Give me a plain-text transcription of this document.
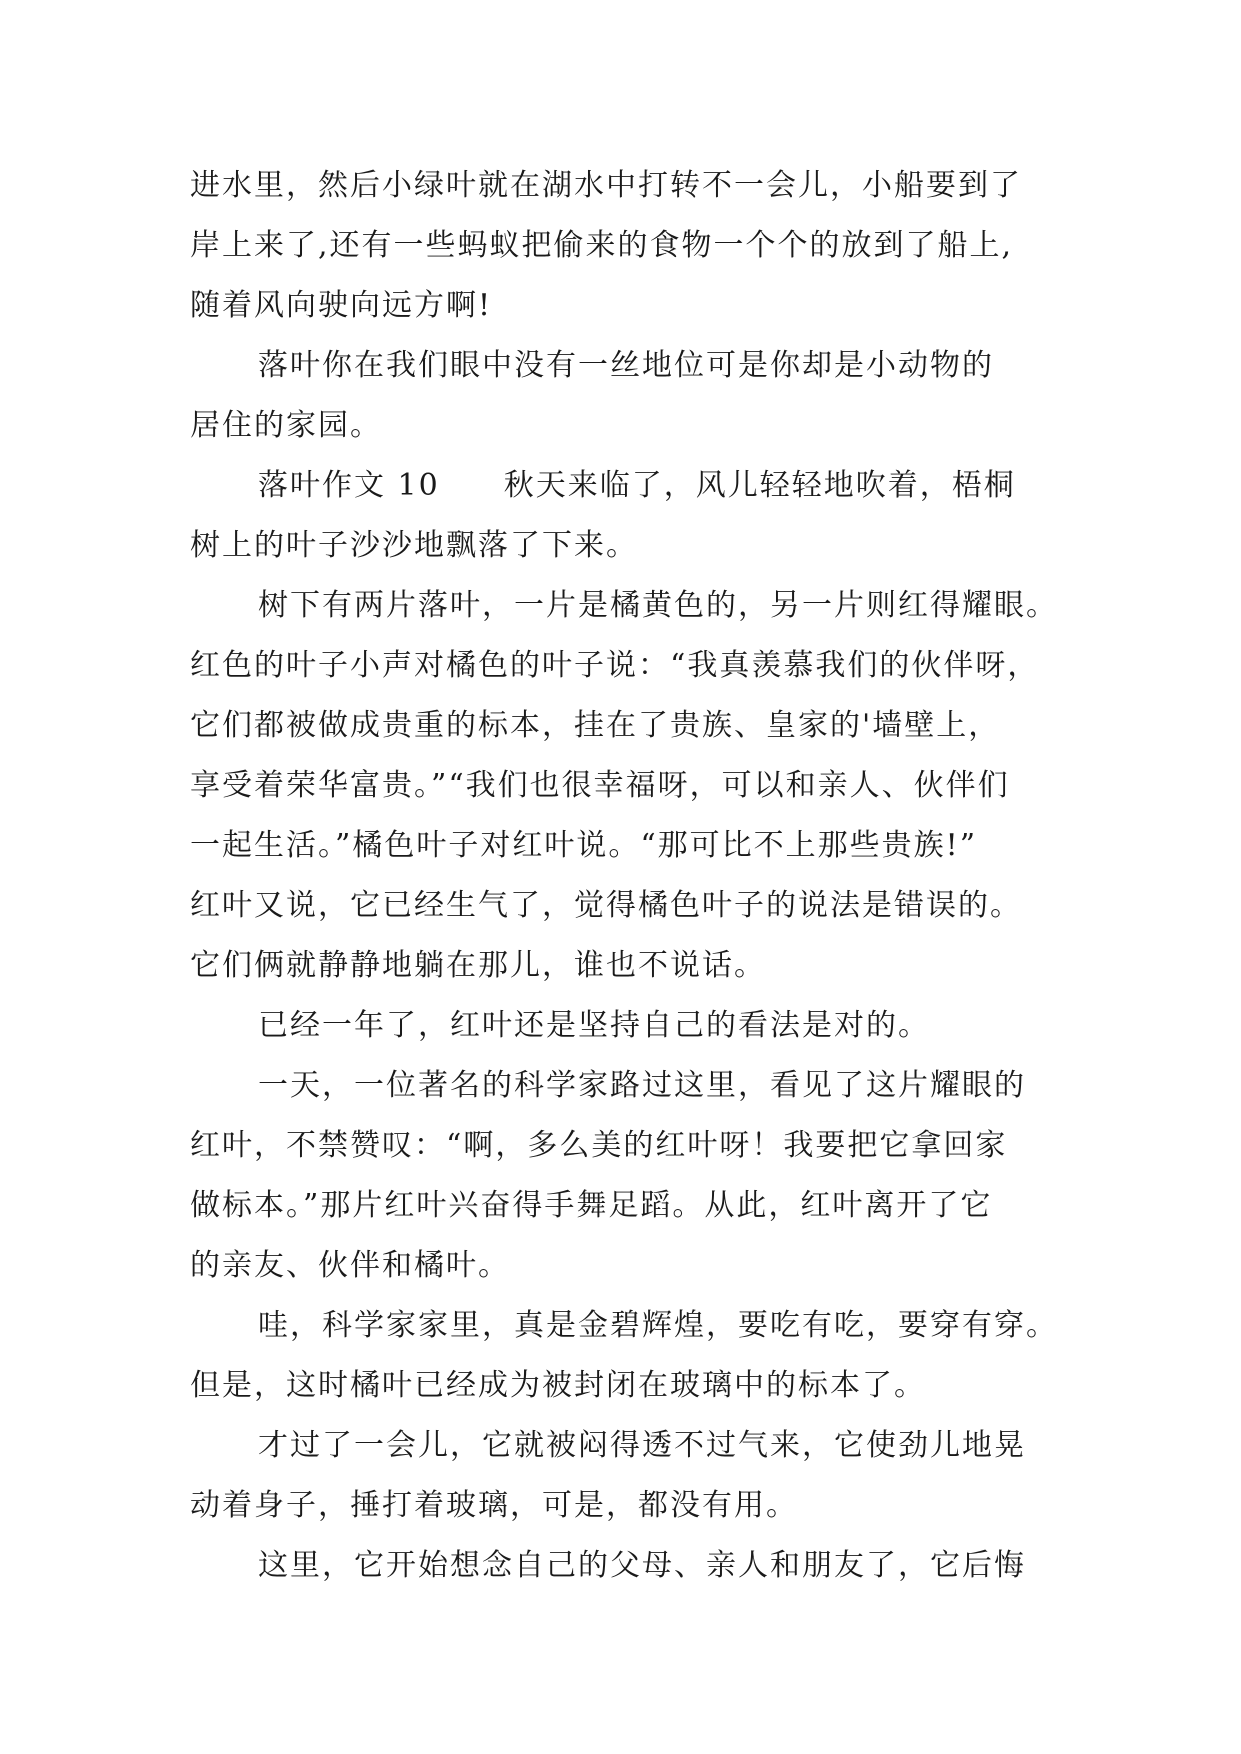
进水里，然后小绿叶就在湖水中打转不一会儿，小船要到了
岸上来了,还有一些蚂蚁把偷来的食物一个个的放到了船上,
随着风向驶向远方啊!
落叶你在我们眼中没有一丝地位可是你却是小动物的
居住的家园。
落叶作文 10　　秋天来临了，风儿轻轻地吹着，梧桐
树上的叶子沙沙地飘落了下来。
树下有两片落叶，一片是橘黄色的，另一片则红得耀眼。
红色的叶子小声对橘色的叶子说：“我真羡慕我们的伙伴呀，
它们都被做成贵重的标本，挂在了贵族、皇家的'墙壁上，
享受着荣华富贵。”“我们也很幸福呀，可以和亲人、伙伴们
一起生活。”橘色叶子对红叶说。“那可比不上那些贵族!”
红叶又说，它已经生气了，觉得橘色叶子的说法是错误的。
它们俩就静静地躺在那儿，谁也不说话。
已经一年了，红叶还是坚持自己的看法是对的。
一天，一位著名的科学家路过这里，看见了这片耀眼的
红叶，不禁赞叹：“啊，多么美的红叶呀！我要把它拿回家
做标本。”那片红叶兴奋得手舞足蹈。从此，红叶离开了它
的亲友、伙伴和橘叶。
哇，科学家家里，真是金碧辉煌，要吃有吃，要穿有穿。
但是，这时橘叶已经成为被封闭在玻璃中的标本了。
才过了一会儿，它就被闷得透不过气来，它使劲儿地晃
动着身子，捶打着玻璃，可是，都没有用。
这里，它开始想念自己的父母、亲人和朋友了，它后悔
